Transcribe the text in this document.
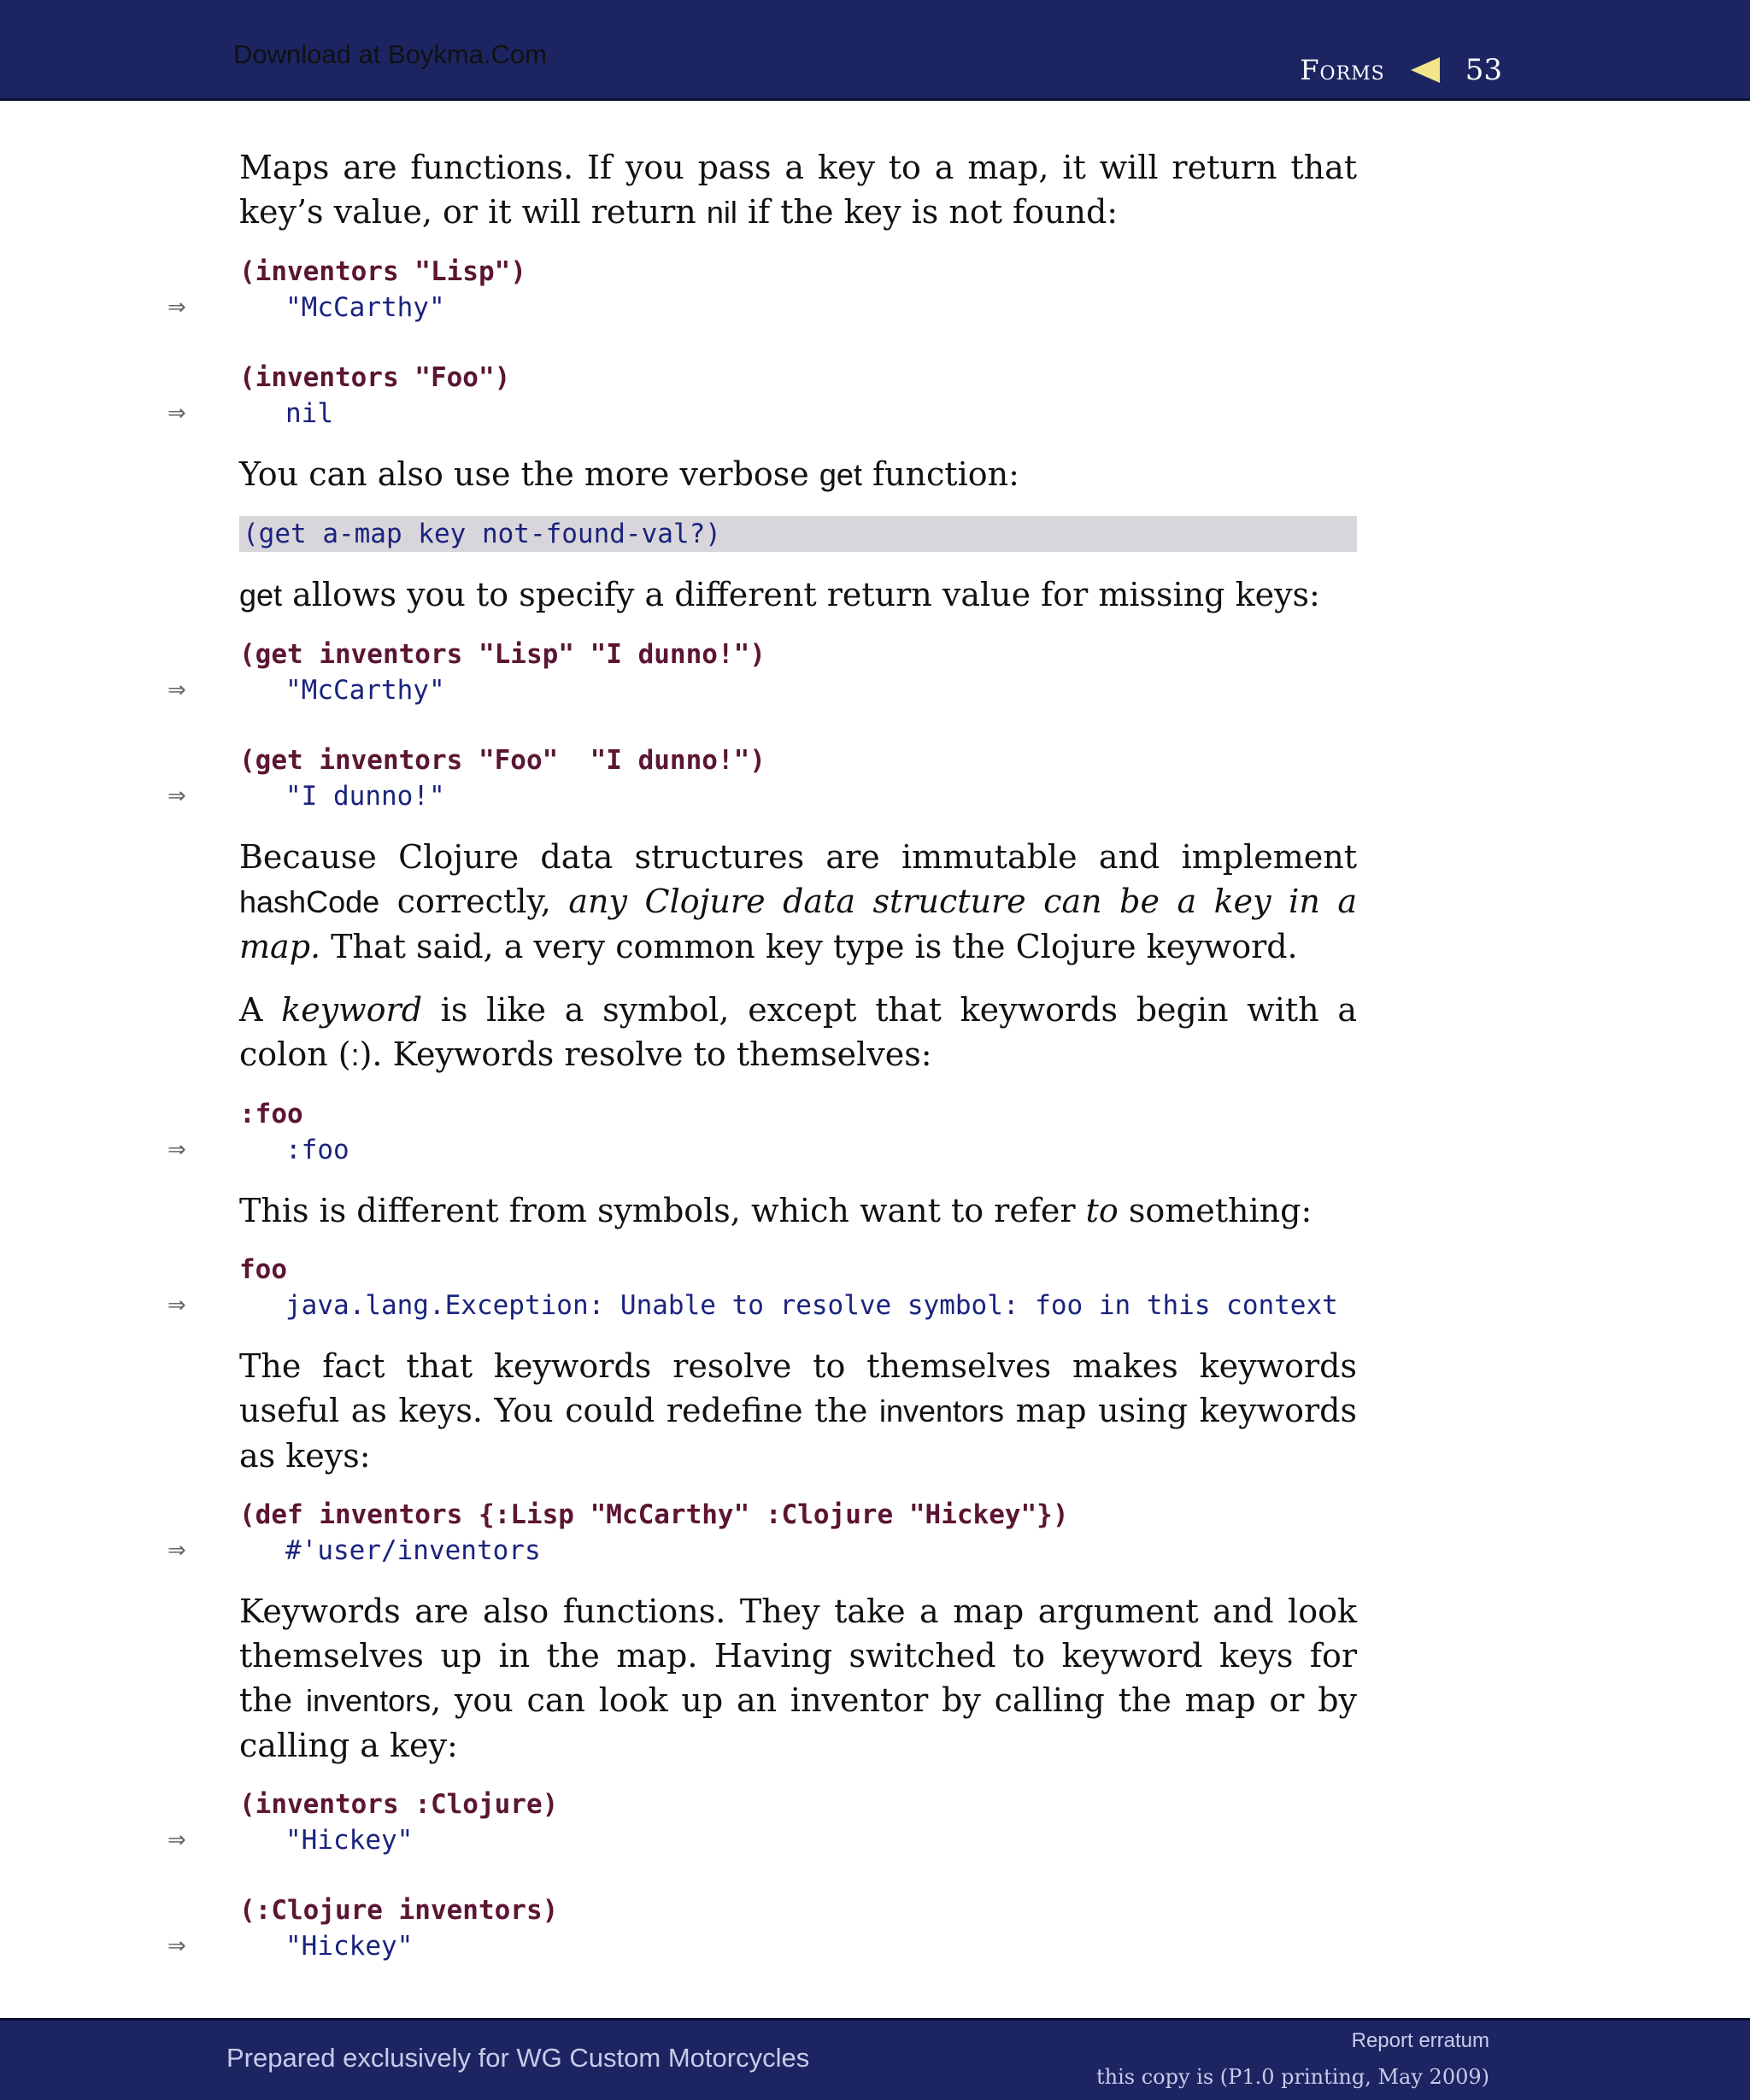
Download at Boykma.Com	Forms	53

Maps are functions. If you pass a key to a map, it will return that key’s value, or it will return nil if the key is not found:

(inventors "Lisp")
⇒	"McCarthy"
(inventors "Foo")
⇒	nil

You can also use the more verbose get function:

(get a-map key not-found-val?)

get allows you to specify a different return value for missing keys:

(get inventors "Lisp" "I dunno!")
⇒	"McCarthy"
(get inventors "Foo"  "I dunno!")
⇒	"I dunno!"

Because Clojure data structures are immutable and implement hashCode correctly, any Clojure data structure can be a key in a map. That said, a very common key type is the Clojure keyword.

A keyword is like a symbol, except that keywords begin with a colon (:). Keywords resolve to themselves:

:foo
⇒	:foo

This is different from symbols, which want to refer to something:

foo
⇒	java.lang.Exception: Unable to resolve symbol: foo in this context

The fact that keywords resolve to themselves makes keywords useful as keys. You could redefine the inventors map using keywords as keys:

(def inventors {:Lisp "McCarthy" :Clojure "Hickey"})
⇒	#'user/inventors

Keywords are also functions. They take a map argument and look themselves up in the map. Having switched to keyword keys for the inventors, you can look up an inventor by calling the map or by calling a key:

(inventors :Clojure)
⇒	"Hickey"
(:Clojure inventors)
⇒	"Hickey"
Prepared exclusively for WG Custom Motorcycles
Report erratum
this copy is (P1.0 printing, May 2009)
